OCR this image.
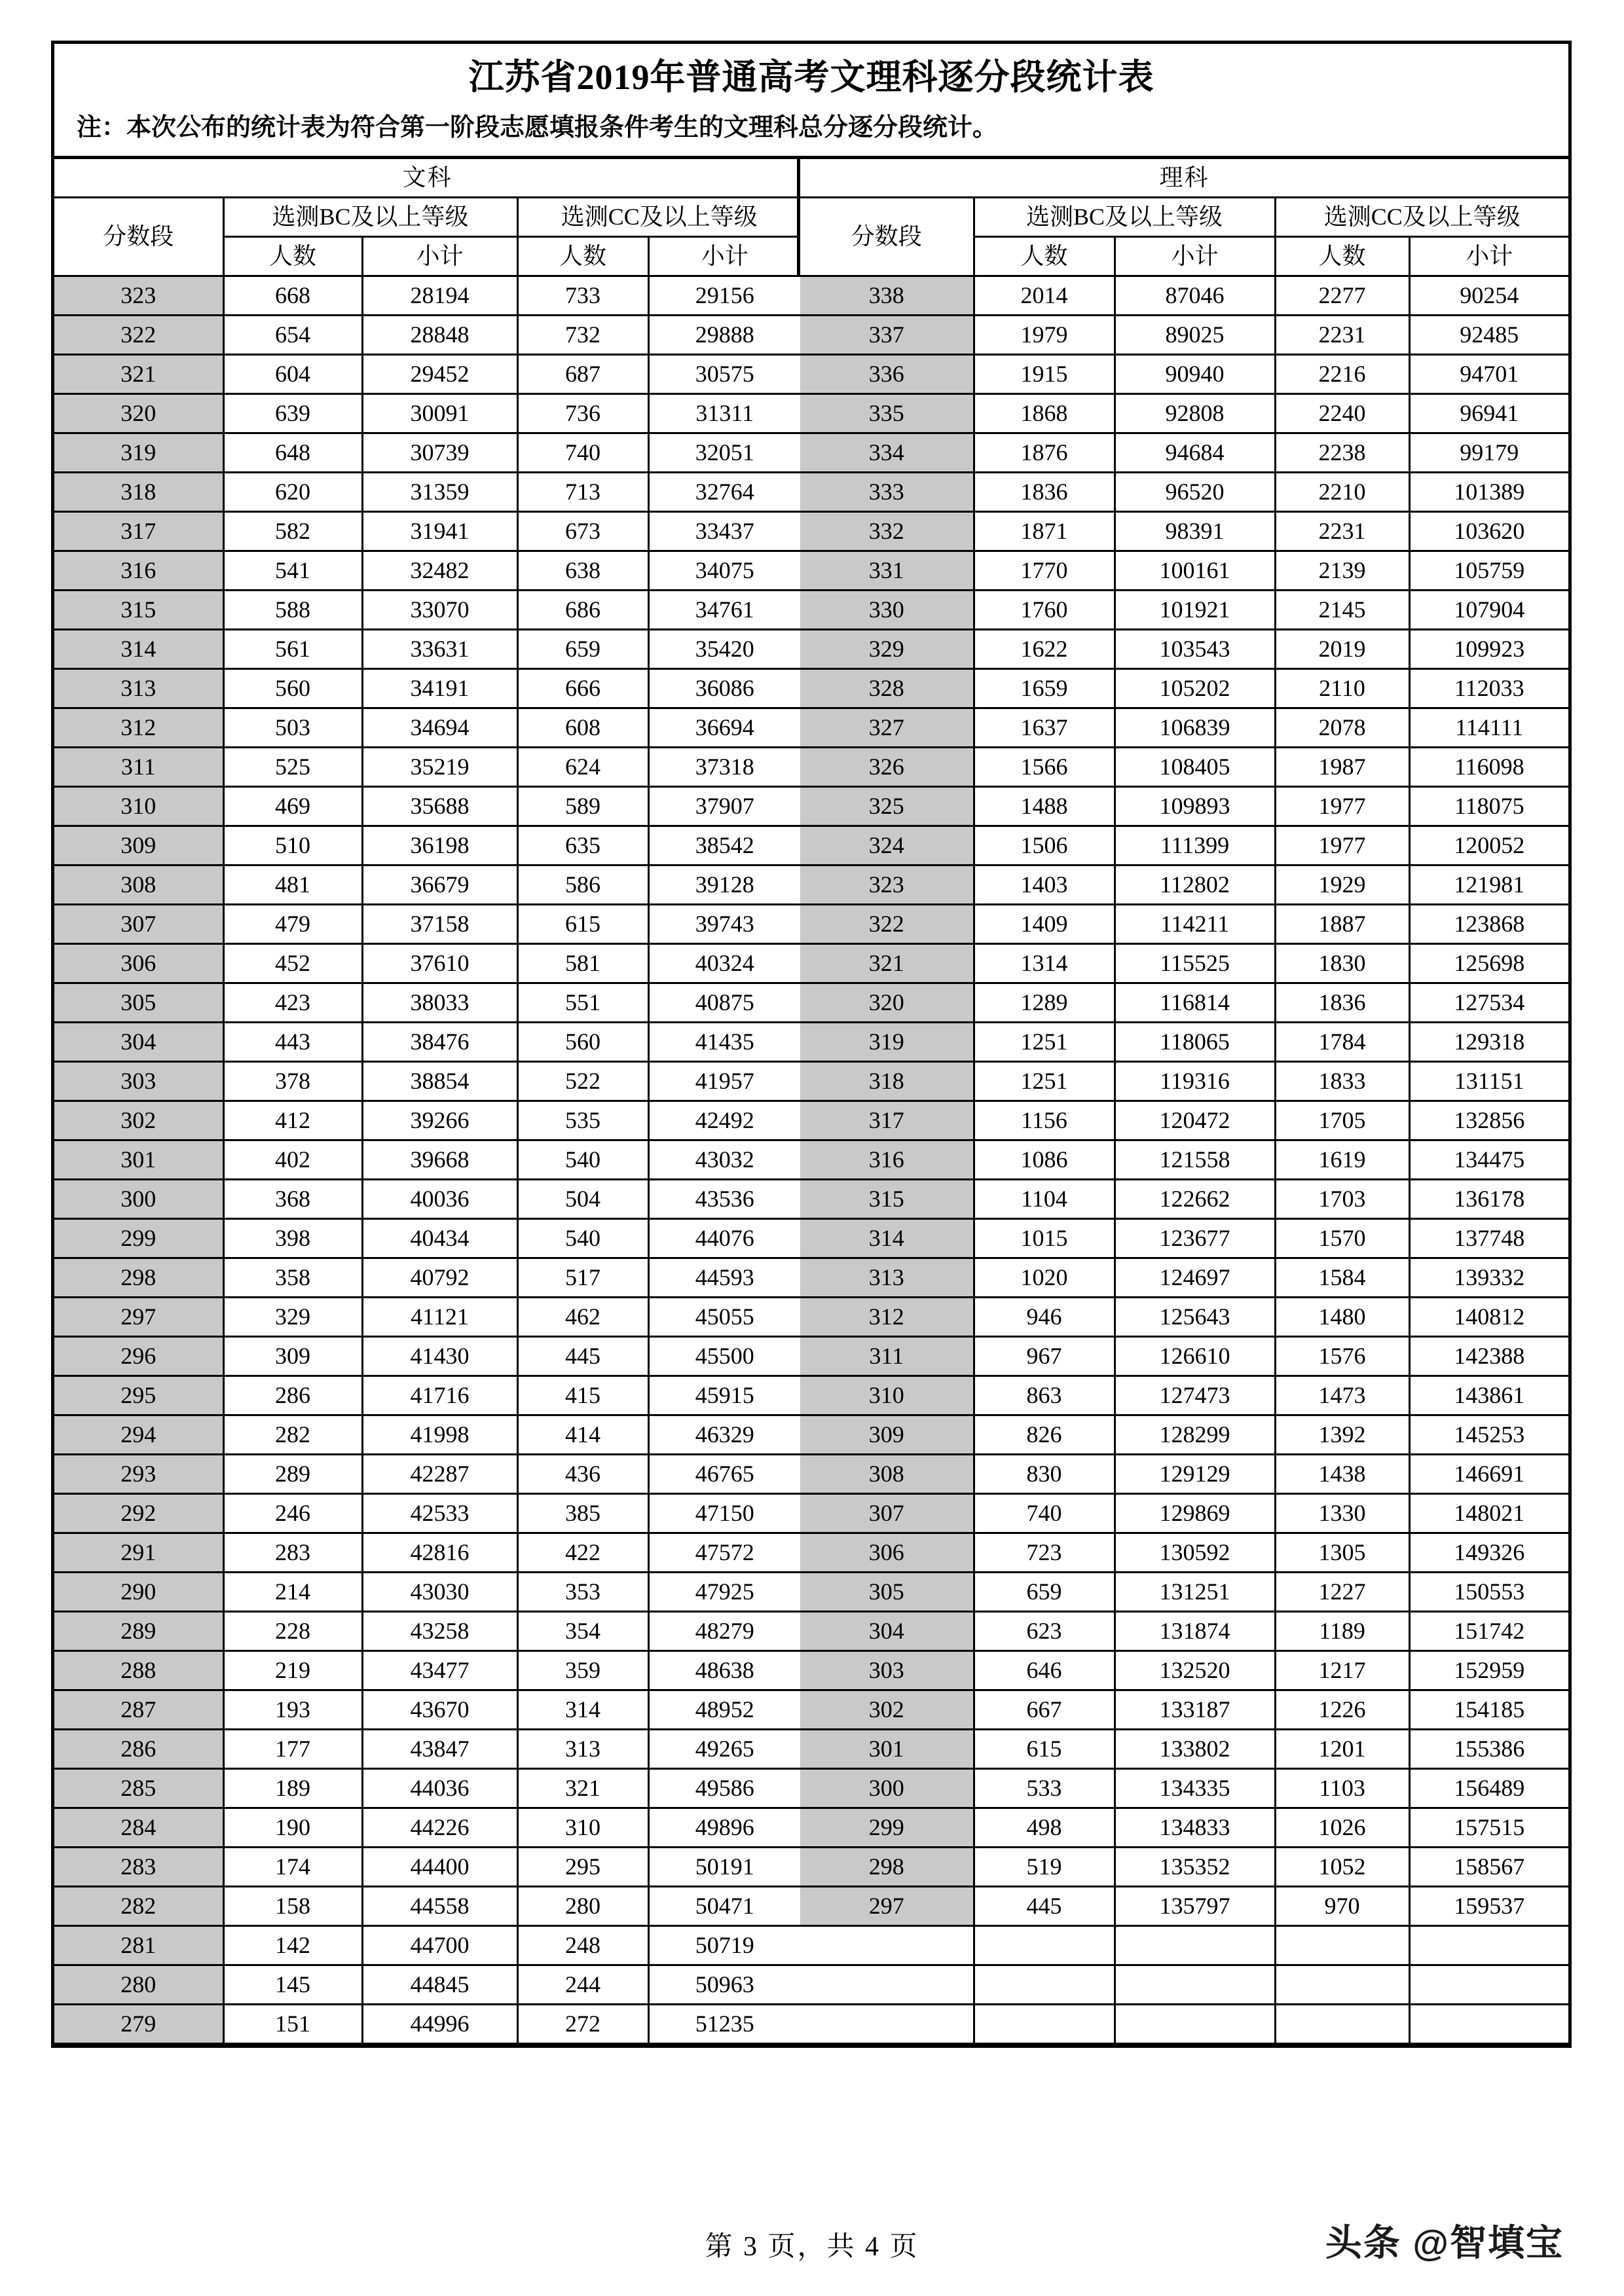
江苏省2019年普通高考文理科逐分段统计表
注：本次公布的统计表为符合第一阶段志愿填报条件考生的文理科总分逐分段统计。
文科				
分数段	选测BC及以上等级		选测CC及以上等级	
	人数	小计	人数	小计
323	668	28194	733	29156
322	654	28848	732	29888
321	604	29452	687	30575
320	639	30091	736	31311
319	648	30739	740	32051
318	620	31359	713	32764
317	582	31941	673	33437
316	541	32482	638	34075
315	588	33070	686	34761
314	561	33631	659	35420
313	560	34191	666	36086
312	503	34694	608	36694
311	525	35219	624	37318
310	469	35688	589	37907
309	510	36198	635	38542
308	481	36679	586	39128
307	479	37158	615	39743
306	452	37610	581	40324
305	423	38033	551	40875
304	443	38476	560	41435
303	378	38854	522	41957
302	412	39266	535	42492
301	402	39668	540	43032
300	368	40036	504	43536
299	398	40434	540	44076
298	358	40792	517	44593
297	329	41121	462	45055
296	309	41430	445	45500
295	286	41716	415	45915
294	282	41998	414	46329
293	289	42287	436	46765
292	246	42533	385	47150
291	283	42816	422	47572
290	214	43030	353	47925
289	228	43258	354	48279
288	219	43477	359	48638
287	193	43670	314	48952
286	177	43847	313	49265
285	189	44036	321	49586
284	190	44226	310	49896
283	174	44400	295	50191
282	158	44558	280	50471
281	142	44700	248	50719
280	145	44845	244	50963
279	151	44996	272	51235
理科				
分数段	选测BC及以上等级		选测CC及以上等级	
	人数	小计	人数	小计
338	2014	87046	2277	90254
337	1979	89025	2231	92485
336	1915	90940	2216	94701
335	1868	92808	2240	96941
334	1876	94684	2238	99179
333	1836	96520	2210	101389
332	1871	98391	2231	103620
331	1770	100161	2139	105759
330	1760	101921	2145	107904
329	1622	103543	2019	109923
328	1659	105202	2110	112033
327	1637	106839	2078	114111
326	1566	108405	1987	116098
325	1488	109893	1977	118075
324	1506	111399	1977	120052
323	1403	112802	1929	121981
322	1409	114211	1887	123868
321	1314	115525	1830	125698
320	1289	116814	1836	127534
319	1251	118065	1784	129318
318	1251	119316	1833	131151
317	1156	120472	1705	132856
316	1086	121558	1619	134475
315	1104	122662	1703	136178
314	1015	123677	1570	137748
313	1020	124697	1584	139332
312	946	125643	1480	140812
311	967	126610	1576	142388
310	863	127473	1473	143861
309	826	128299	1392	145253
308	830	129129	1438	146691
307	740	129869	1330	148021
306	723	130592	1305	149326
305	659	131251	1227	150553
304	623	131874	1189	151742
303	646	132520	1217	152959
302	667	133187	1226	154185
301	615	133802	1201	155386
300	533	134335	1103	156489
299	498	134833	1026	157515
298	519	135352	1052	158567
297	445	135797	970	159537

第 3 页，共 4 页	头条 @智填宝
